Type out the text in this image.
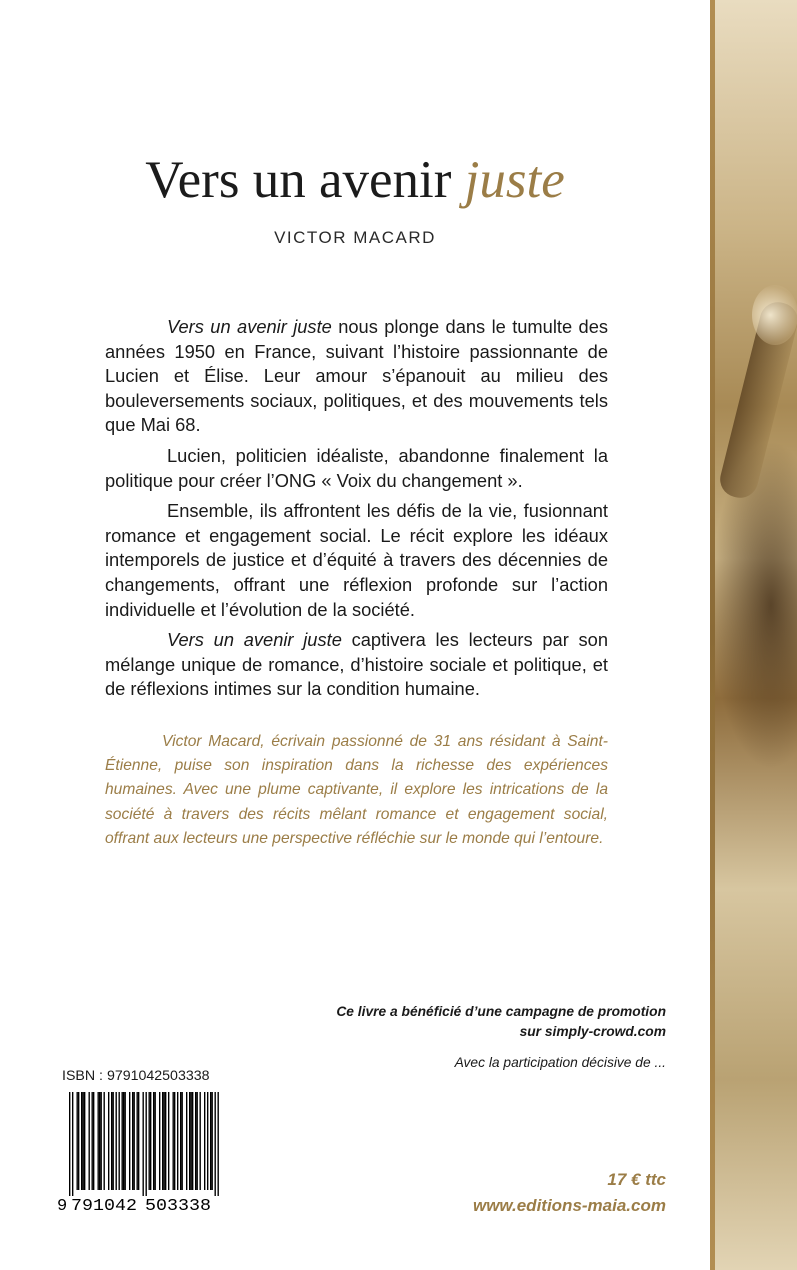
Vers un avenir juste
VICTOR MACARD

Vers un avenir juste nous plonge dans le tumulte des années 1950 en France, suivant l’histoire passionnante de Lucien et Élise. Leur amour s’épanouit au milieu des bouleversements sociaux, politiques, et des mouvements tels que Mai 68.

Lucien, politicien idéaliste, abandonne finalement la politique pour créer l’ONG « Voix du changement ».

Ensemble, ils affrontent les défis de la vie, fusionnant romance et engagement social. Le récit explore les idéaux intemporels de justice et d’équité à travers des décennies de changements, offrant une réflexion profonde sur l’action individuelle et l’évolution de la société.

Vers un avenir juste captivera les lecteurs par son mélange unique de romance, d’histoire sociale et politique, et de réflexions intimes sur la condition humaine.

Victor Macard, écrivain passionné de 31 ans résidant à Saint-Étienne, puise son inspiration dans la richesse des expériences humaines. Avec une plume captivante, il explore les intrications de la société à travers des récits mêlant romance et engagement social, offrant aux lecteurs une perspective réfléchie sur le monde qui l’entoure.

Ce livre a bénéficié d’une campagne de promotion
sur simply-crowd.com
Avec la participation décisive de ...
ISBN : 9791042503338
9 791042 503338
17 € ttc
www.editions-maia.com
